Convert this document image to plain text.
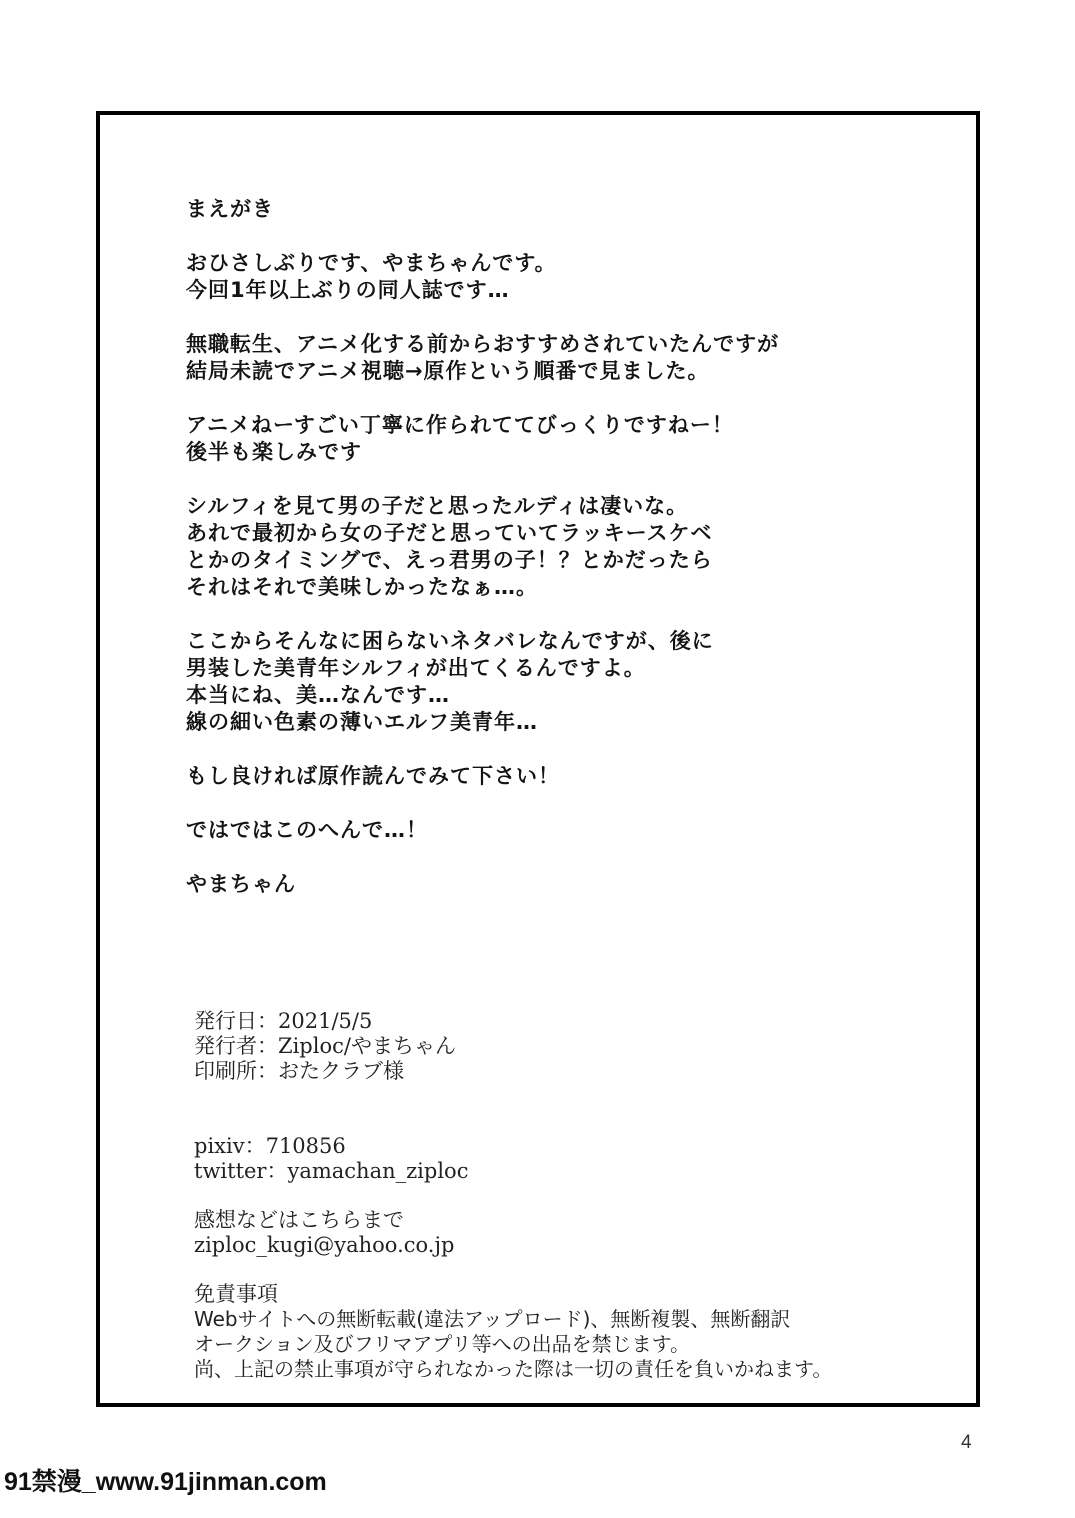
まえがき
おひさしぶりです、やまちゃんです。
今回1年以上ぶりの同人誌です…
無職転生、アニメ化する前からおすすめされていたんですが
結局未読でアニメ視聴→原作という順番で見ました。
アニメねーすごい丁寧に作られててびっくりですねー！
後半も楽しみです
シルフィを見て男の子だと思ったルディは凄いな。
あれで最初から女の子だと思っていてラッキースケベ
とかのタイミングで、えっ君男の子！？とかだったら
それはそれで美味しかったなぁ…。
ここからそんなに困らないネタバレなんですが、後に
男装した美青年シルフィが出てくるんですよ。
本当にね、美…なんです…
線の細い色素の薄いエルフ美青年…
もし良ければ原作読んでみて下さい！
ではではこのへんで…！
やまちゃん
発行日：2021/5/5
発行者：Ziploc/やまちゃん
印刷所：おたクラブ様
pixiv：710856
twitter：yamachan_ziploc
感想などはこちらまで
ziploc_kugi@yahoo.co.jp
免責事項
Webサイトへの無断転載(違法アップロード)、無断複製、無断翻訳
オークション及びフリマアプリ等への出品を禁じます。
尚、上記の禁止事項が守られなかった際は一切の責任を負いかねます。
4
91禁漫_www.91jinman.com
